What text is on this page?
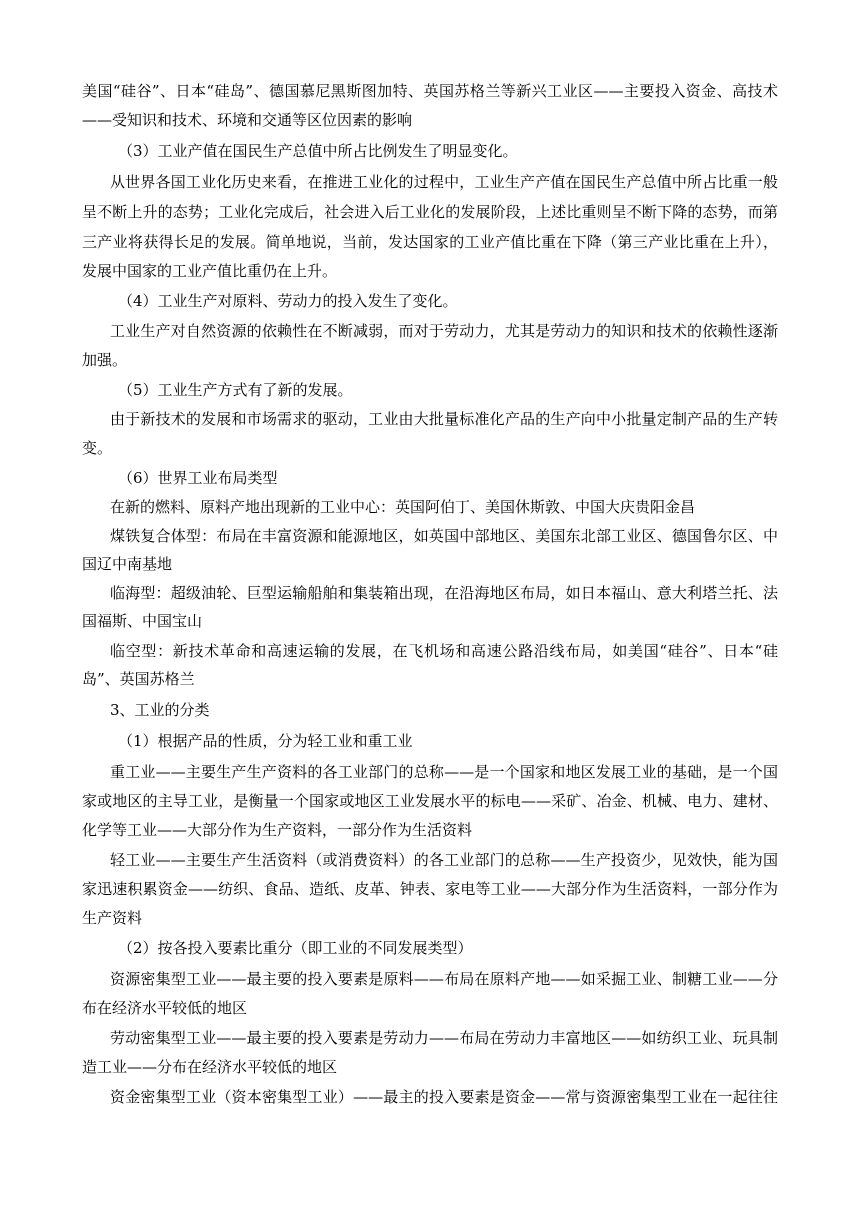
美国“硅谷”、日本“硅岛”、德国慕尼黑斯图加特、英国苏格兰等新兴工业区——主要投入资金、高技术
——受知识和技术、环境和交通等区位因素的影响
（3）工业产值在国民生产总值中所占比例发生了明显变化。
从世界各国工业化历史来看，在推进工业化的过程中，工业生产产值在国民生产总值中所占比重一般
呈不断上升的态势；工业化完成后，社会进入后工业化的发展阶段，上述比重则呈不断下降的态势，而第
三产业将获得长足的发展。简单地说，当前，发达国家的工业产值比重在下降（第三产业比重在上升），
发展中国家的工业产值比重仍在上升。
（4）工业生产对原料、劳动力的投入发生了变化。
工业生产对自然资源的依赖性在不断减弱，而对于劳动力，尤其是劳动力的知识和技术的依赖性逐渐
加强。
（5）工业生产方式有了新的发展。
由于新技术的发展和市场需求的驱动，工业由大批量标准化产品的生产向中小批量定制产品的生产转
变。
（6）世界工业布局类型
在新的燃料、原料产地出现新的工业中心：英国阿伯丁、美国休斯敦、中国大庆贵阳金昌
煤铁复合体型：布局在丰富资源和能源地区，如英国中部地区、美国东北部工业区、德国鲁尔区、中
国辽中南基地
临海型：超级油轮、巨型运输船舶和集装箱出现，在沿海地区布局，如日本福山、意大利塔兰托、法
国福斯、中国宝山
临空型：新技术革命和高速运输的发展，在飞机场和高速公路沿线布局，如美国“硅谷”、日本“硅
岛”、英国苏格兰
3、工业的分类
（1）根据产品的性质，分为轻工业和重工业
重工业——主要生产生产资料的各工业部门的总称——是一个国家和地区发展工业的基础，是一个国
家或地区的主导工业，是衡量一个国家或地区工业发展水平的标电——采矿、冶金、机械、电力、建材、
化学等工业——大部分作为生产资料，一部分作为生活资料
轻工业——主要生产生活资料（或消费资料）的各工业部门的总称——生产投资少，见效快，能为国
家迅速积累资金——纺织、食品、造纸、皮革、钟表、家电等工业——大部分作为生活资料，一部分作为
生产资料
（2）按各投入要素比重分（即工业的不同发展类型）
资源密集型工业——最主要的投入要素是原料——布局在原料产地——如采掘工业、制糖工业——分
布在经济水平较低的地区
劳动密集型工业——最主要的投入要素是劳动力——布局在劳动力丰富地区——如纺织工业、玩具制
造工业——分布在经济水平较低的地区
资金密集型工业（资本密集型工业）——最主的投入要素是资金——常与资源密集型工业在一起往往
